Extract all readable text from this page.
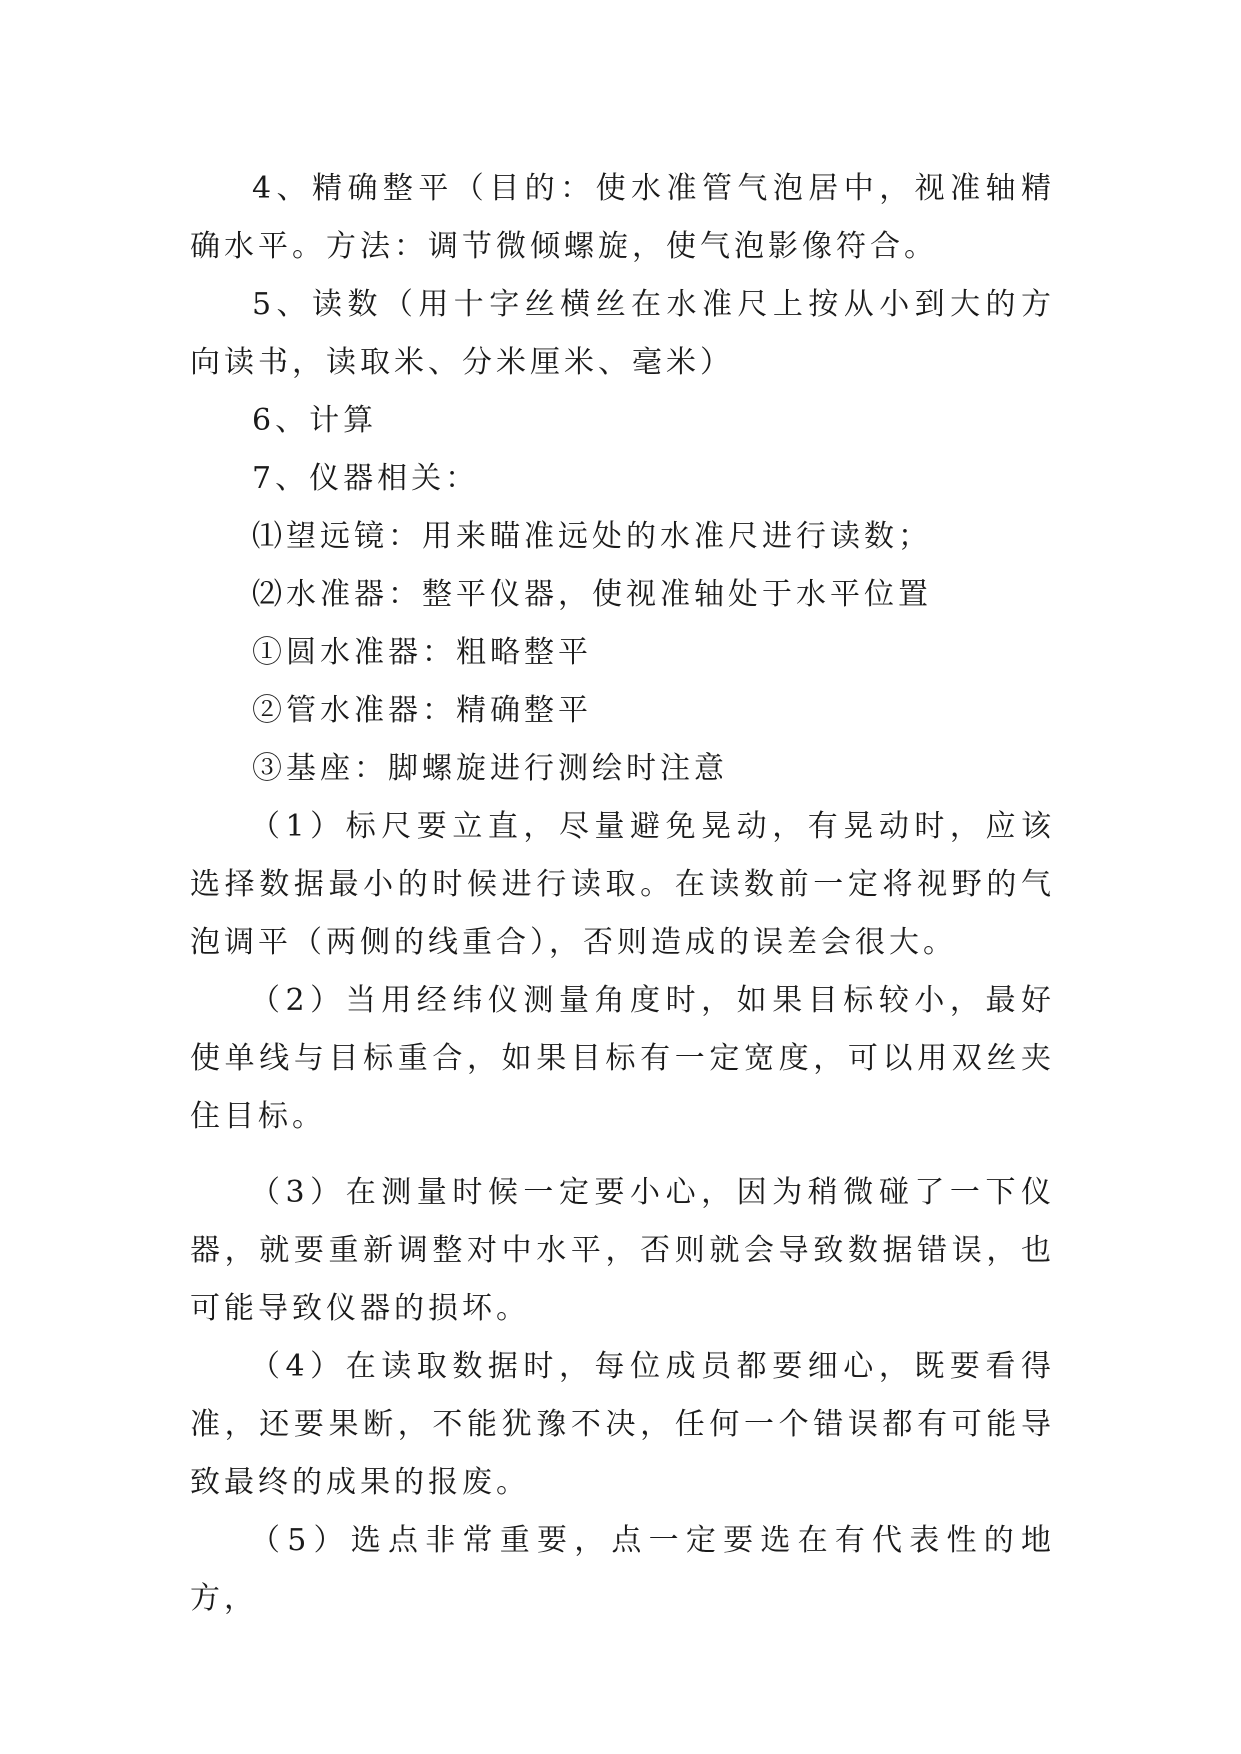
4、精确整平（目的：使水准管气泡居中，视准轴精确水平。方法：调节微倾螺旋，使气泡影像符合。

5、读数（用十字丝横丝在水准尺上按从小到大的方向读书，读取米、分米厘米、毫米）

6、计算

7、仪器相关：

⑴望远镜：用来瞄准远处的水准尺进行读数；

⑵水准器：整平仪器，使视准轴处于水平位置

①圆水准器：粗略整平

②管水准器：精确整平

③基座：脚螺旋进行测绘时注意

（1）标尺要立直，尽量避免晃动，有晃动时，应该选择数据最小的时候进行读取。在读数前一定将视野的气泡调平（两侧的线重合），否则造成的误差会很大。

（2）当用经纬仪测量角度时，如果目标较小，最好使单线与目标重合，如果目标有一定宽度，可以用双丝夹住目标。

（3）在测量时候一定要小心，因为稍微碰了一下仪器，就要重新调整对中水平，否则就会导致数据错误，也可能导致仪器的损坏。

（4）在读取数据时，每位成员都要细心，既要看得准，还要果断，不能犹豫不决，任何一个错误都有可能导致最终的成果的报废。

（5）选点非常重要，点一定要选在有代表性的地方，
